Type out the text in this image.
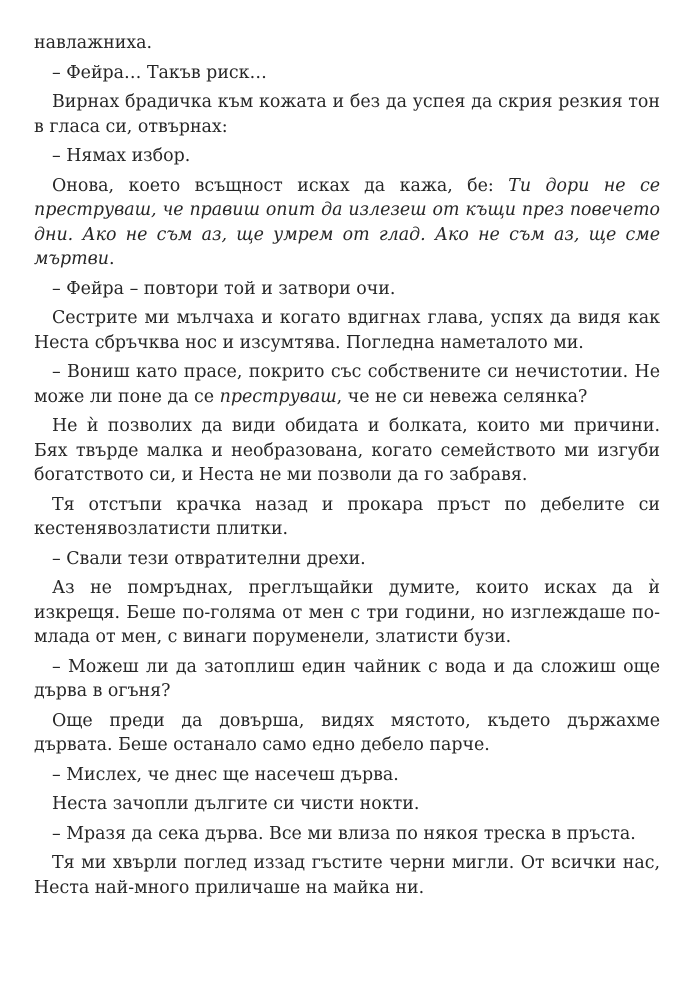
навлажниха.

– Фейра… Такъв риск…

Вирнах брадичка към кожата и без да успея да скрия резкия тон в гласа си, отвърнах:

– Нямах избор.

Онова, което всъщност исках да кажа, бе: Ти дори не се преструваш, че правиш опит да излезеш от къщи през повечето дни. Ако не съм аз, ще умрем от глад. Ако не съм аз, ще сме мъртви.

– Фейра – повтори той и затвори очи.

Сестрите ми мълчаха и когато вдигнах глава, успях да видя как Неста сбръчква нос и изсумтява. Погледна наметалото ми.

– Вониш като прасе, покрито със собствените си нечистотии. Не може ли поне да се преструваш, че не си невежа селянка?

Не ѝ позволих да види обидата и болката, които ми причини. Бях твърде малка и необразована, когато семейството ми изгуби богатството си, и Неста не ми позволи да го забравя.

Тя отстъпи крачка назад и прокара пръст по дебелите си кестенявозлатисти плитки.

– Свали тези отвратителни дрехи.

Аз не помръднах, преглъщайки думите, които исках да ѝ изкрещя. Беше по-голяма от мен с три години, но изглеждаше по-млада от мен, с винаги поруменели, златисти бузи.

– Можеш ли да затоплиш един чайник с вода и да сложиш още дърва в огъня?

Още преди да довърша, видях мястото, където държахме дървата. Беше останало само едно дебело парче.

– Мислех, че днес ще насечеш дърва.

Неста зачопли дългите си чисти нокти.

– Мразя да сека дърва. Все ми влиза по някоя треска в пръста.

Тя ми хвърли поглед иззад гъстите черни мигли. От всички нас, Неста най-много приличаше на майка ни.
